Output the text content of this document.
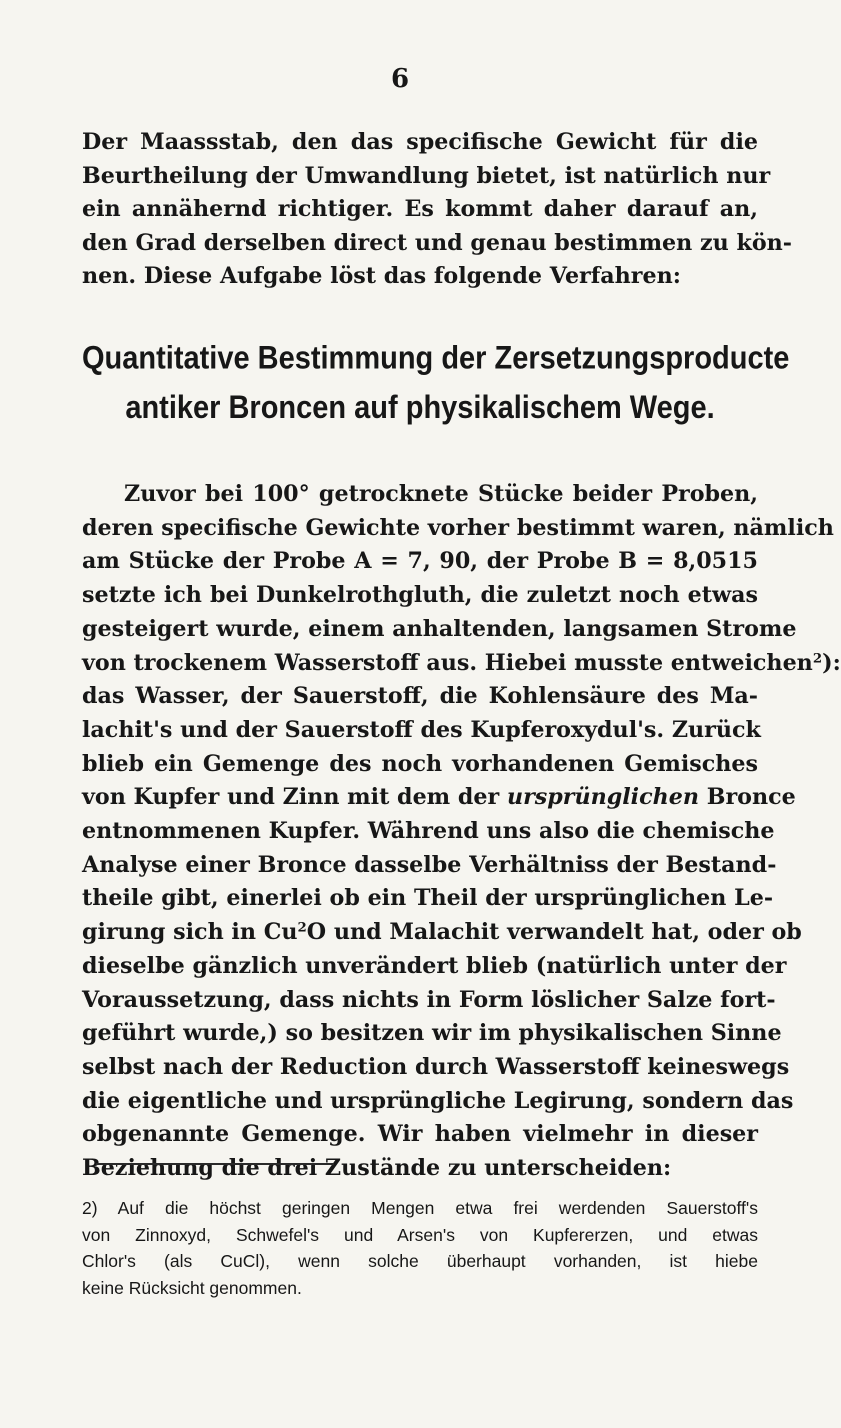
6

Der Maassstab, den das specifische Gewicht für die
Beurtheilung der Umwandlung bietet, ist natürlich nur
ein annähernd richtiger. Es kommt daher darauf an,
den Grad derselben direct und genau bestimmen zu kön-
nen. Diese Aufgabe löst das folgende Verfahren:

Quantitative Bestimmung der Zersetzungsproducte
antiker Broncen auf physikalischem Wege.

Zuvor bei 100° getrocknete Stücke beider Proben,
deren specifische Gewichte vorher bestimmt waren, nämlich
am Stücke der Probe A = 7, 90, der Probe B = 8,0515
setzte ich bei Dunkelrothgluth, die zuletzt noch etwas
gesteigert wurde, einem anhaltenden, langsamen Strome
von trockenem Wasserstoff aus. Hiebei musste entweichen$^2$):
das Wasser, der Sauerstoff, die Kohlensäure des Ma-
lachit's und der Sauerstoff des Kupferoxydul's. Zurück
blieb ein Gemenge des noch vorhandenen Gemisches
von Kupfer und Zinn mit dem der ursprünglichen Bronce
entnommenen Kupfer. Während uns also die chemische
Analyse einer Bronce dasselbe Verhältniss der Bestand-
theile gibt, einerlei ob ein Theil der ursprünglichen Le-
girung sich in Cu$^2$O und Malachit verwandelt hat, oder ob
dieselbe gänzlich unverändert blieb (natürlich unter der
Voraussetzung, dass nichts in Form löslicher Salze fort-
geführt wurde,) so besitzen wir im physikalischen Sinne
selbst nach der Reduction durch Wasserstoff keineswegs
die eigentliche und ursprüngliche Legirung, sondern das
obgenannte Gemenge. Wir haben vielmehr in dieser
Beziehung die drei Zustände zu unterscheiden:

2) Auf die höchst geringen Mengen etwa frei werdenden Sauerstoff's
von Zinnoxyd, Schwefel's und Arsen's von Kupfererzen, und etwas
Chlor's (als CuCl), wenn solche überhaupt vorhanden, ist hiebe
keine Rücksicht genommen.
